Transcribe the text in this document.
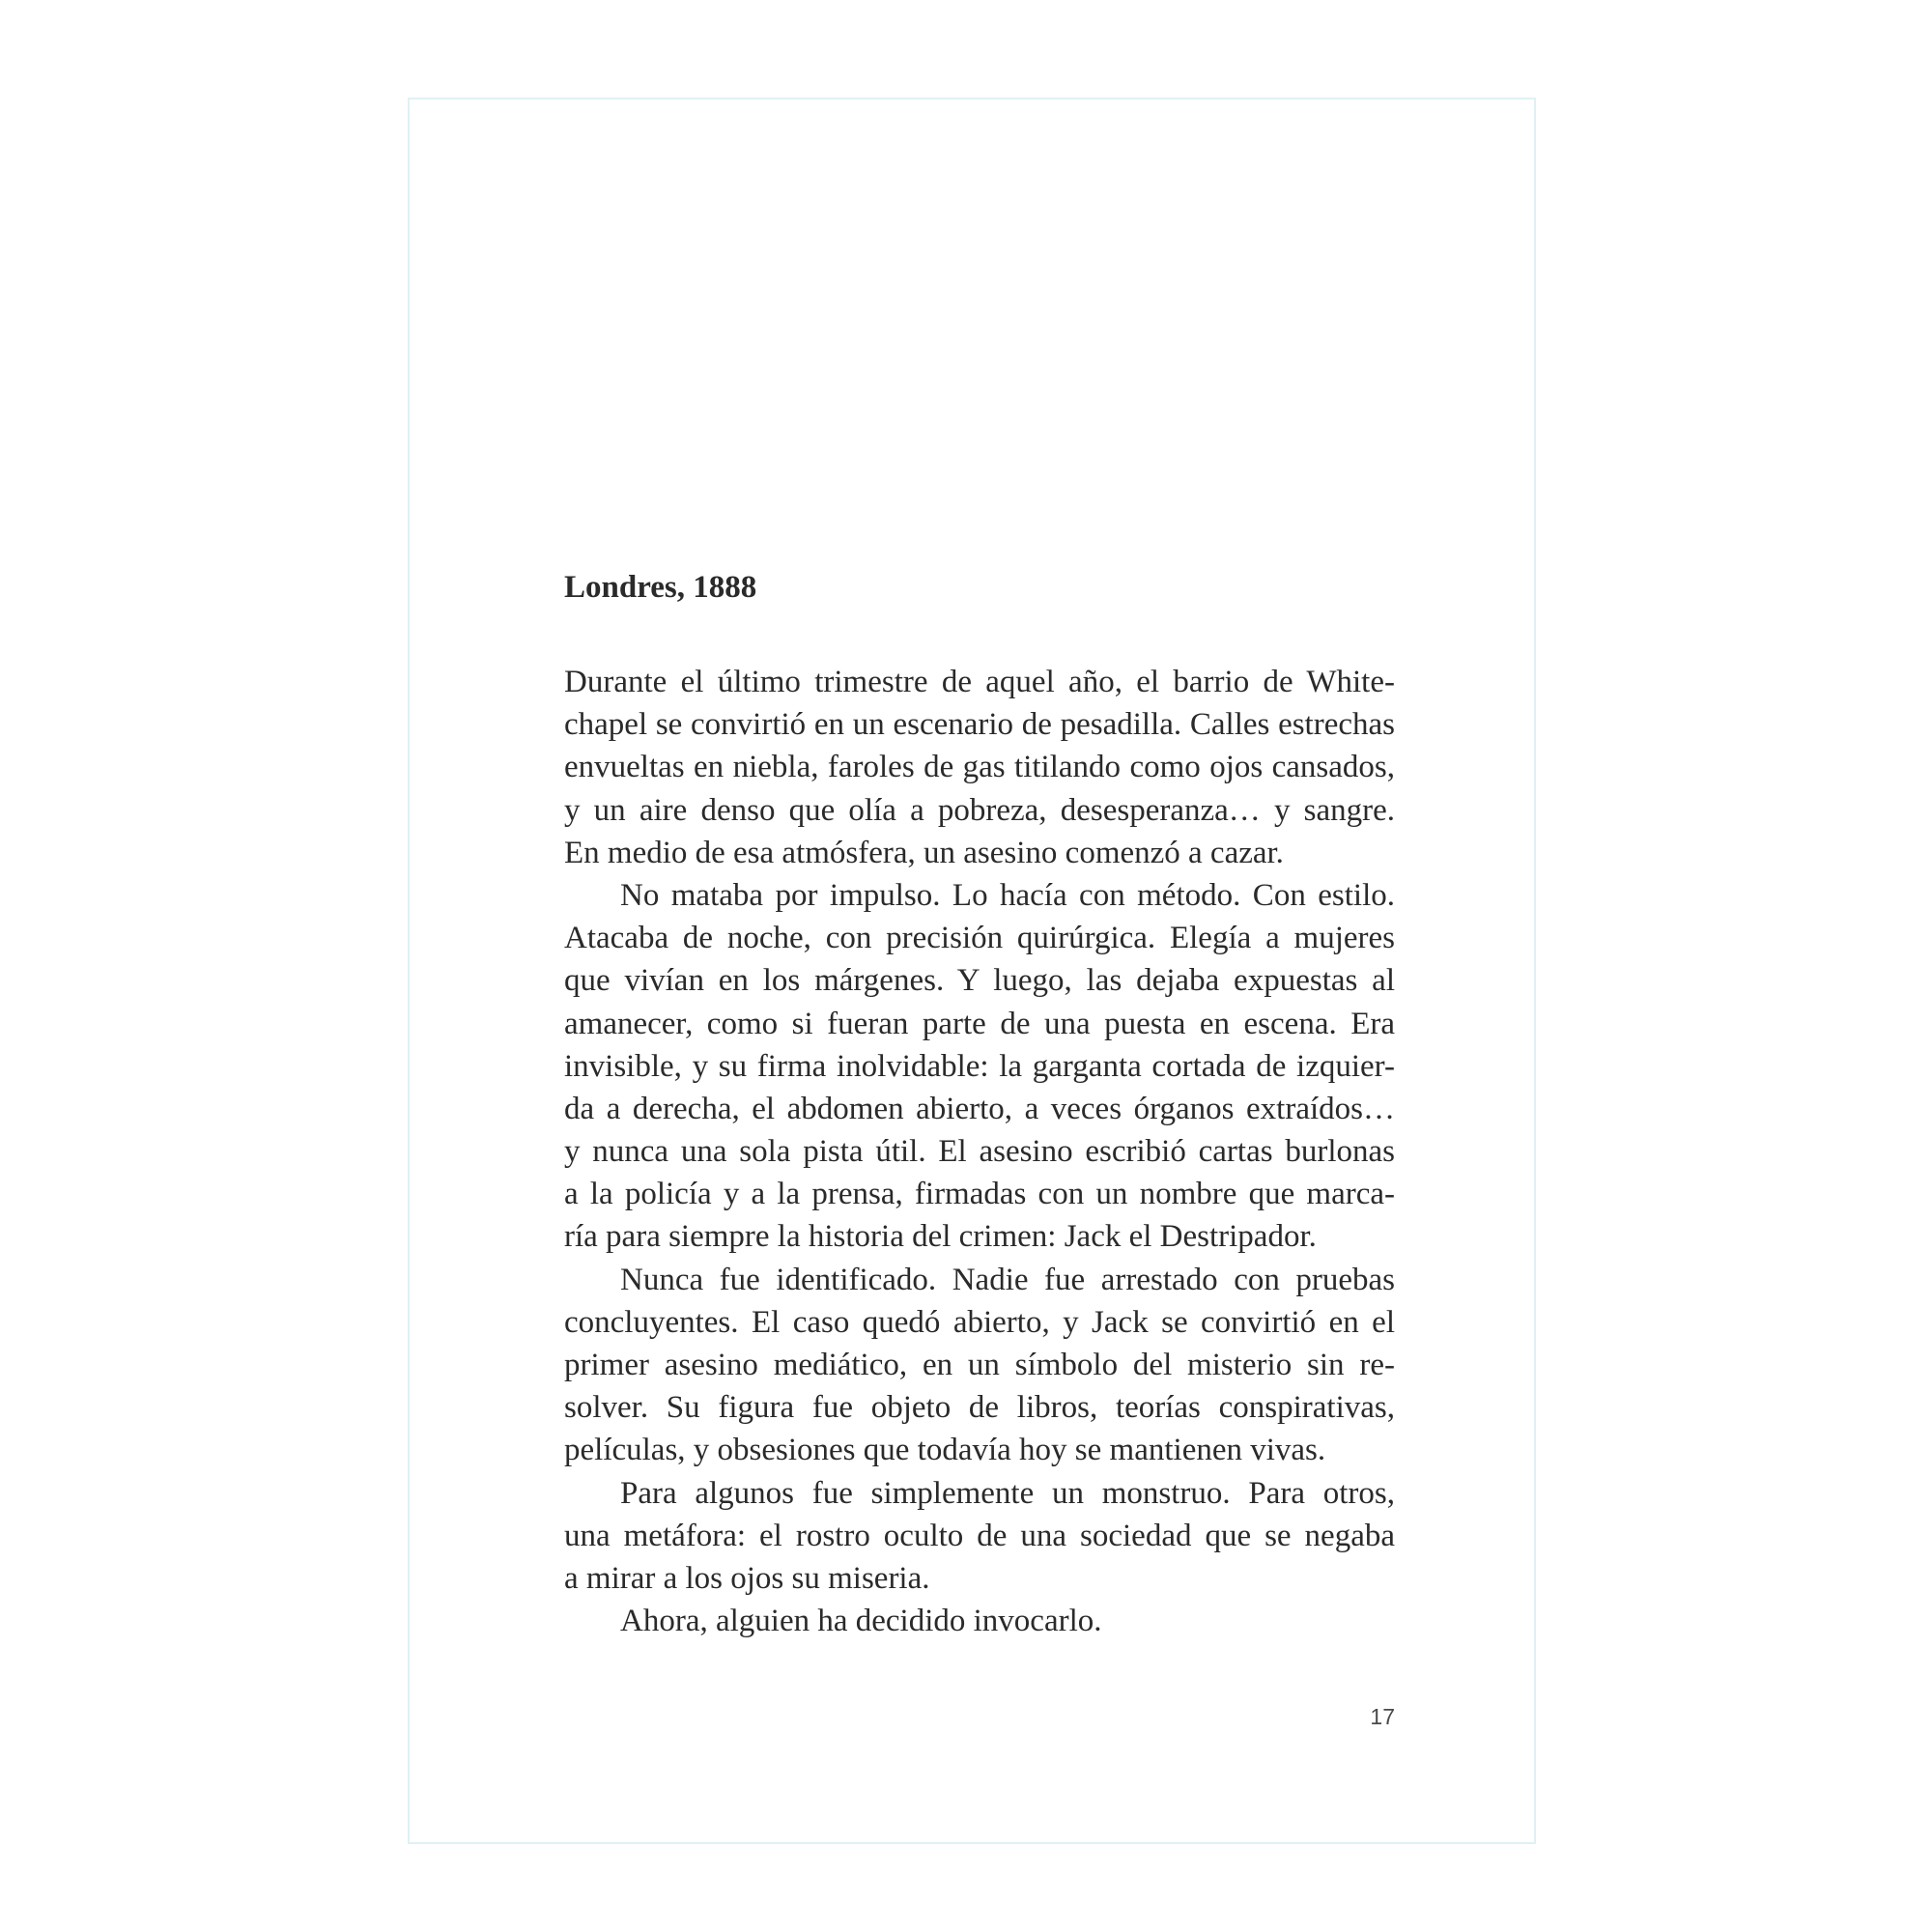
Londres, 1888
Durante el último trimestre de aquel año, el barrio de White-
chapel se convirtió en un escenario de pesadilla. Calles estrechas
envueltas en niebla, faroles de gas titilando como ojos cansados,
y un aire denso que olía a pobreza, desesperanza… y sangre.
En medio de esa atmósfera, un asesino comenzó a cazar.
No mataba por impulso. Lo hacía con método. Con estilo.
Atacaba de noche, con precisión quirúrgica. Elegía a mujeres
que vivían en los márgenes. Y luego, las dejaba expuestas al
amanecer, como si fueran parte de una puesta en escena. Era
invisible, y su firma inolvidable: la garganta cortada de izquier-
da a derecha, el abdomen abierto, a veces órganos extraídos…
y nunca una sola pista útil. El asesino escribió cartas burlonas
a la policía y a la prensa, firmadas con un nombre que marca-
ría para siempre la historia del crimen: Jack el Destripador.
Nunca fue identificado. Nadie fue arrestado con pruebas
concluyentes. El caso quedó abierto, y Jack se convirtió en el
primer asesino mediático, en un símbolo del misterio sin re-
solver. Su figura fue objeto de libros, teorías conspirativas,
películas, y obsesiones que todavía hoy se mantienen vivas.
Para algunos fue simplemente un monstruo. Para otros,
una metáfora: el rostro oculto de una sociedad que se negaba
a mirar a los ojos su miseria.
Ahora, alguien ha decidido invocarlo.
17
